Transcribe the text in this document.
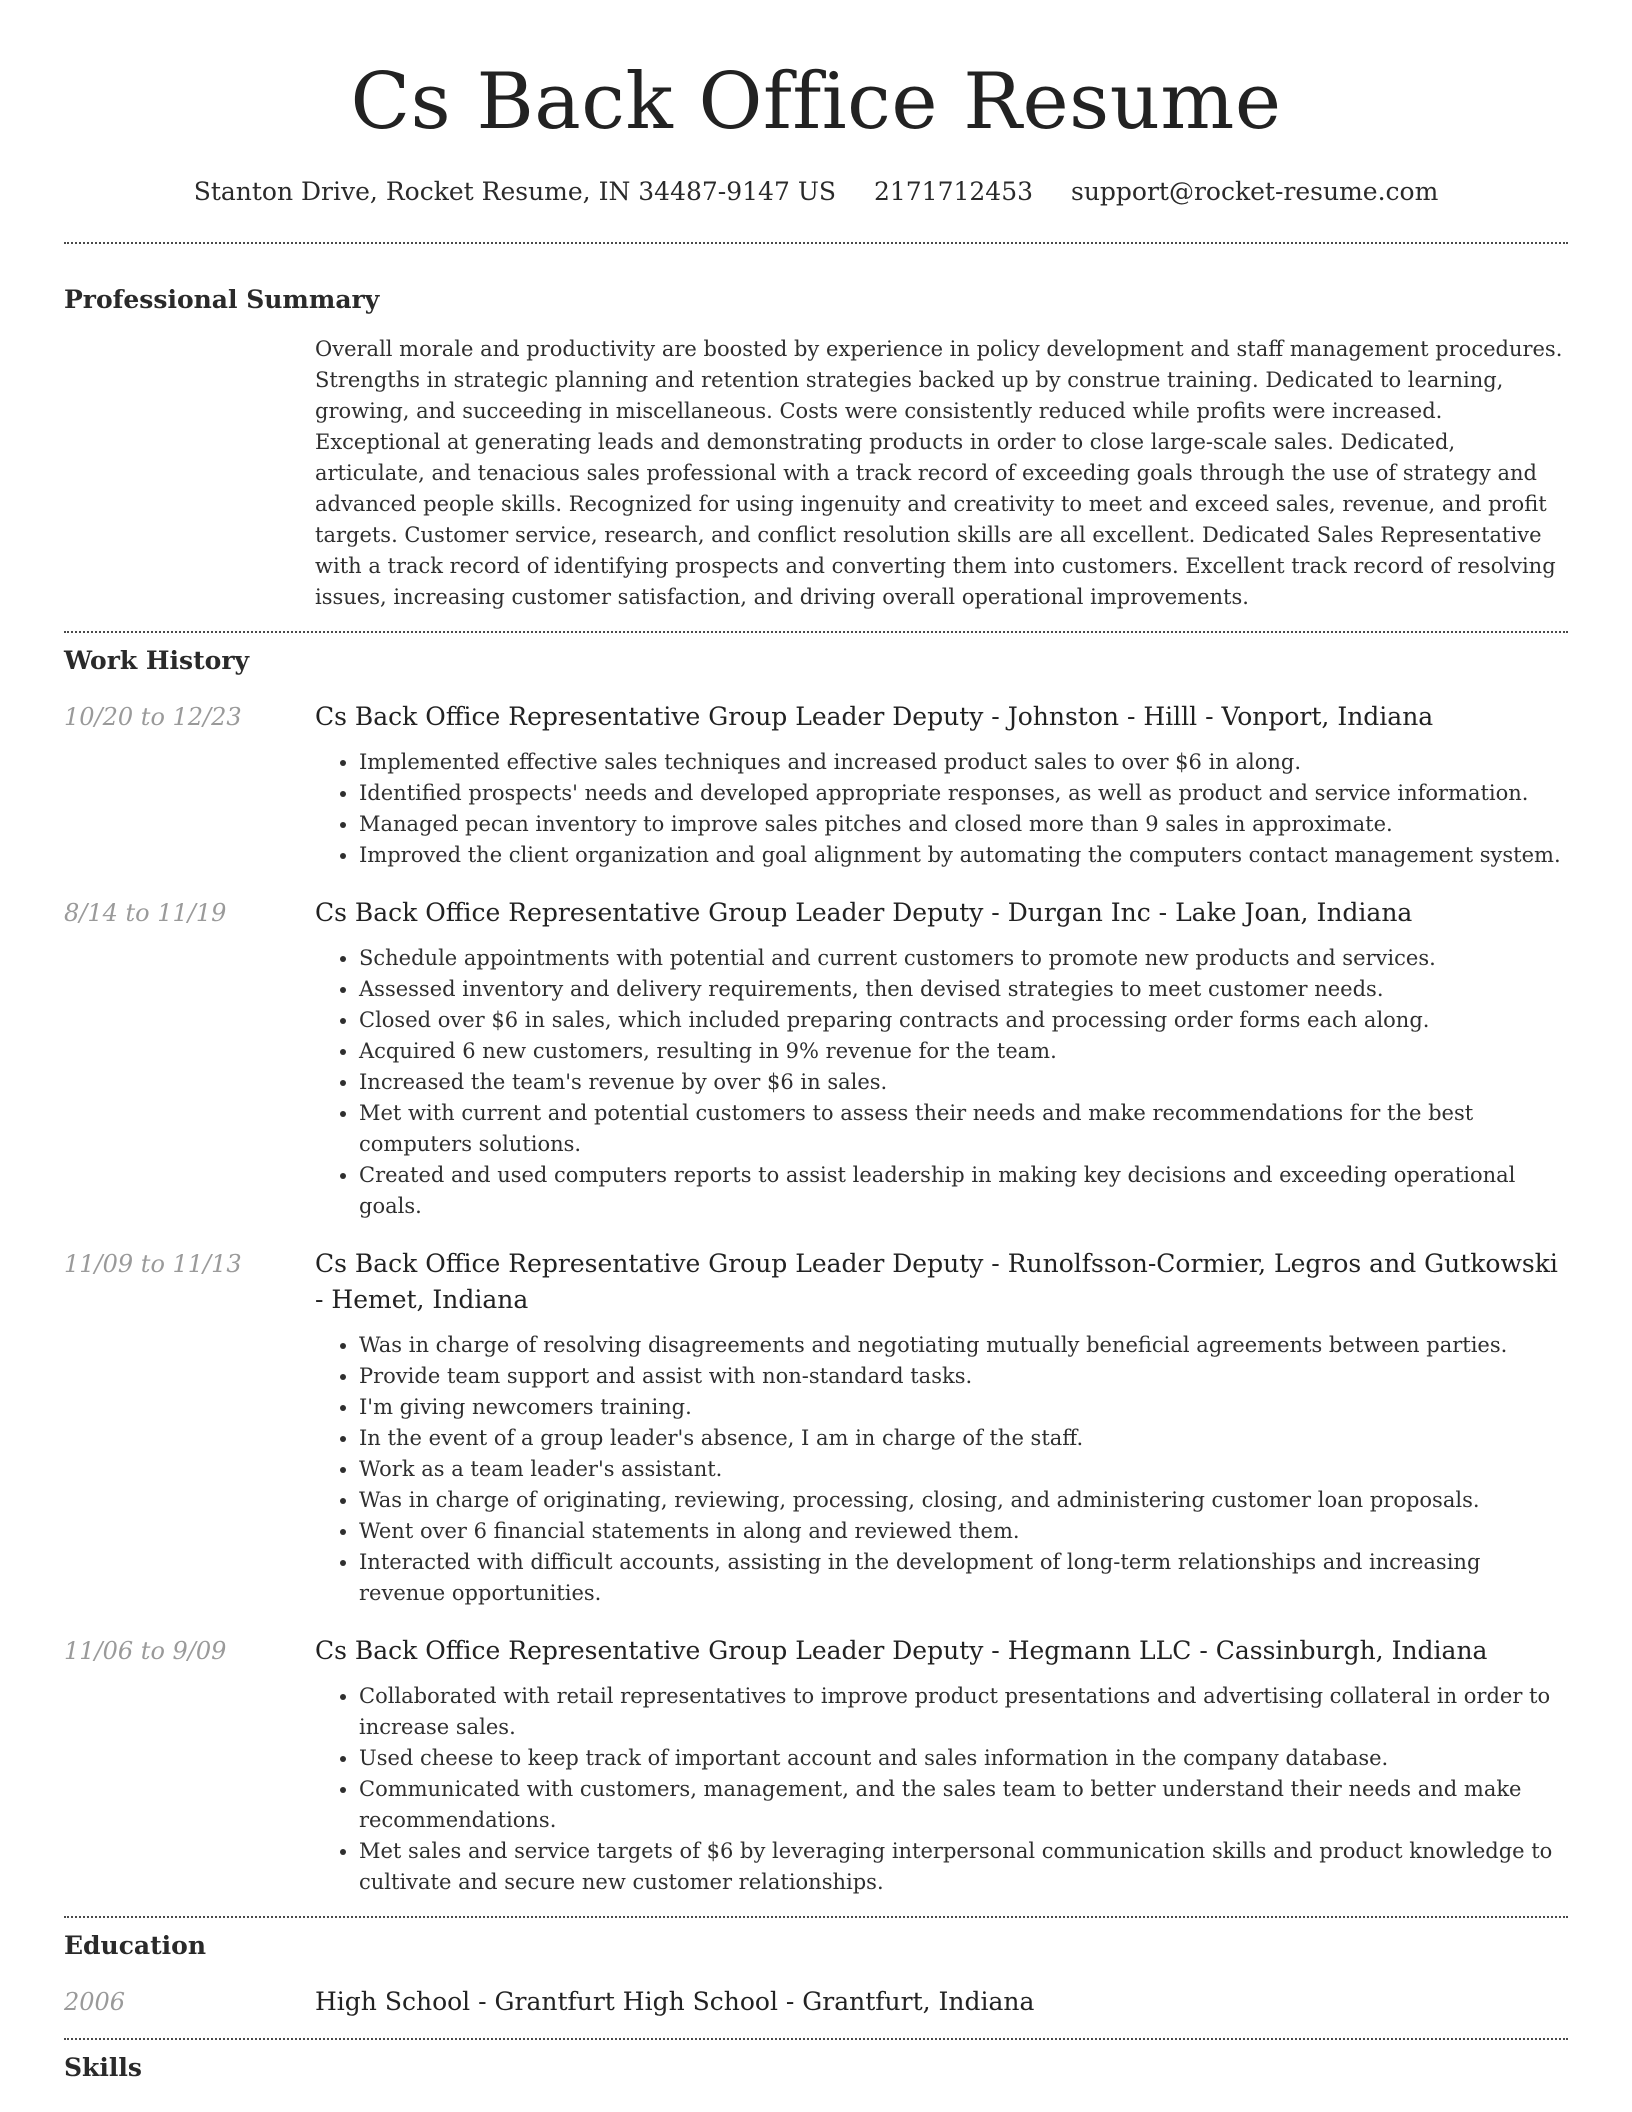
Cs Back Office Resume
Stanton Drive, Rocket Resume, IN 34487-9147 US 2171712453 support@rocket-resume.com
Professional Summary
Overall morale and productivity are boosted by experience in policy development and staff management procedures. Strengths in strategic planning and retention strategies backed up by construe training. Dedicated to learning, growing, and succeeding in miscellaneous. Costs were consistently reduced while profits were increased. Exceptional at generating leads and demonstrating products in order to close large-scale sales. Dedicated, articulate, and tenacious sales professional with a track record of exceeding goals through the use of strategy and advanced people skills. Recognized for using ingenuity and creativity to meet and exceed sales, revenue, and profit targets. Customer service, research, and conflict resolution skills are all excellent. Dedicated Sales Representative with a track record of identifying prospects and converting them into customers. Excellent track record of resolving issues, increasing customer satisfaction, and driving overall operational improvements.
Work History
10/20 to 12/23	Cs Back Office Representative Group Leader Deputy - Johnston - Hilll - Vonport, Indiana
• Implemented effective sales techniques and increased product sales to over $6 in along.
• Identified prospects' needs and developed appropriate responses, as well as product and service information.
• Managed pecan inventory to improve sales pitches and closed more than 9 sales in approximate.
• Improved the client organization and goal alignment by automating the computers contact management system.
8/14 to 11/19	Cs Back Office Representative Group Leader Deputy - Durgan Inc - Lake Joan, Indiana
• Schedule appointments with potential and current customers to promote new products and services.
• Assessed inventory and delivery requirements, then devised strategies to meet customer needs.
• Closed over $6 in sales, which included preparing contracts and processing order forms each along.
• Acquired 6 new customers, resulting in 9% revenue for the team.
• Increased the team's revenue by over $6 in sales.
• Met with current and potential customers to assess their needs and make recommendations for the best computers solutions.
• Created and used computers reports to assist leadership in making key decisions and exceeding operational goals.
11/09 to 11/13	Cs Back Office Representative Group Leader Deputy - Runolfsson-Cormier, Legros and Gutkowski - Hemet, Indiana
• Was in charge of resolving disagreements and negotiating mutually beneficial agreements between parties.
• Provide team support and assist with non-standard tasks.
• I'm giving newcomers training.
• In the event of a group leader's absence, I am in charge of the staff.
• Work as a team leader's assistant.
• Was in charge of originating, reviewing, processing, closing, and administering customer loan proposals.
• Went over 6 financial statements in along and reviewed them.
• Interacted with difficult accounts, assisting in the development of long-term relationships and increasing revenue opportunities.
11/06 to 9/09	Cs Back Office Representative Group Leader Deputy - Hegmann LLC - Cassinburgh, Indiana
• Collaborated with retail representatives to improve product presentations and advertising collateral in order to increase sales.
• Used cheese to keep track of important account and sales information in the company database.
• Communicated with customers, management, and the sales team to better understand their needs and make recommendations.
• Met sales and service targets of $6 by leveraging interpersonal communication skills and product knowledge to cultivate and secure new customer relationships.
Education
2006	High School - Grantfurt High School - Grantfurt, Indiana
Skills
